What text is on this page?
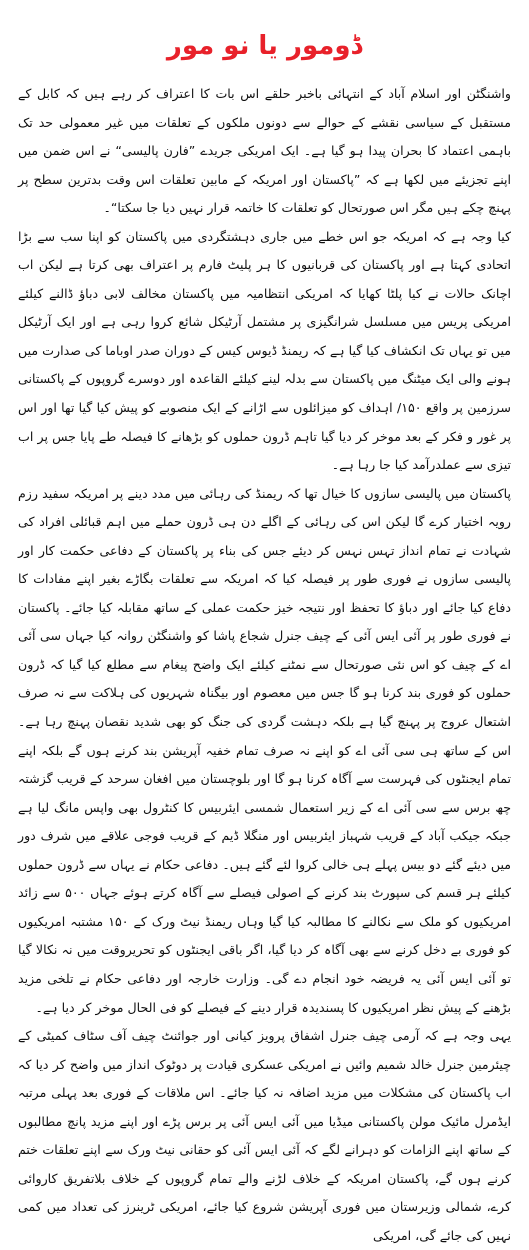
ڈومور یا نو مور

واشنگٹن اور اسلام آباد کے انتہائی باخبر حلقے اس بات کا اعتراف کر رہے ہیں کہ کابل کے مستقبل کے سیاسی نقشے کے حوالے سے دونوں ملکوں کے تعلقات میں غیر معمولی حد تک باہمی اعتماد کا بحران پیدا ہو گیا ہے۔ ایک امریکی جریدے ”فارن پالیسی“ نے اس ضمن میں اپنے تجزیئے میں لکھا ہے کہ ”پاکستان اور امریکہ کے مابین تعلقات اس وقت بدترین سطح پر پہنچ چکے ہیں مگر اس صورتحال کو تعلقات کا خاتمہ قرار نہیں دیا جا سکتا“۔

کیا وجہ ہے کہ امریکہ جو اس خطے میں جاری دہشتگردی میں پاکستان کو اپنا سب سے بڑا اتحادی کہتا ہے اور پاکستان کی قربانیوں کا ہر پلیٹ فارم پر اعتراف بھی کرتا ہے لیکن اب اچانک حالات نے کیا پلٹا کھایا کہ امریکی انتظامیہ میں پاکستان مخالف لابی دباؤ ڈالنے کیلئے امریکی پریس میں مسلسل شرانگیزی پر مشتمل آرٹیکل شائع کروا رہی ہے اور ایک آرٹیکل میں تو یہاں تک انکشاف کیا گیا ہے کہ ریمنڈ ڈیوس کیس کے دوران صدر اوباما کی صدارت میں ہونے والی ایک میٹنگ میں پاکستان سے بدلہ لینے کیلئے القاعدہ اور دوسرے گروپوں کے پاکستانی سرزمین پر واقع ۱۵۰/ اہداف کو میزائلوں سے اڑانے کے ایک منصوبے کو پیش کیا گیا تھا اور اس پر غور و فکر کے بعد موخر کر دیا گیا تاہم ڈرون حملوں کو بڑھانے کا فیصلہ طے پایا جس پر اب تیزی سے عملدرآمد کیا جا رہا ہے۔

پاکستان میں پالیسی سازوں کا خیال تھا کہ ریمنڈ کی رہائی میں مدد دینے پر امریکہ سفید رزم رویہ اختیار کرے گا لیکن اس کی رہائی کے اگلے دن ہی ڈرون حملے میں اہم قبائلی افراد کی شہادت نے تمام انداز تہس نہس کر دیئے جس کی بناء پر پاکستان کے دفاعی حکمت کار اور پالیسی سازوں نے فوری طور پر فیصلہ کیا کہ امریکہ سے تعلقات بگاڑے بغیر اپنے مفادات کا دفاع کیا جائے اور دباؤ کا تحفظ اور نتیجہ خیز حکمت عملی کے ساتھ مقابلہ کیا جائے۔ پاکستان نے فوری طور پر آئی ایس آئی کے چیف جنرل شجاع پاشا کو واشنگٹن روانہ کیا جہاں سی آئی اے کے چیف کو اس نئی صورتحال سے نمٹنے کیلئے ایک واضح پیغام سے مطلع کیا گیا کہ ڈرون حملوں کو فوری بند کرنا ہو گا جس میں معصوم اور بیگناہ شہریوں کی ہلاکت سے نہ صرف اشتعال عروج پر پہنچ گیا ہے بلکہ دہشت گردی کی جنگ کو بھی شدید نقصان پہنچ رہا ہے۔ اس کے ساتھ ہی سی آئی اے کو اپنے نہ صرف تمام خفیہ آپریشن بند کرنے ہوں گے بلکہ اپنے تمام ایجنٹوں کی فہرست سے آگاہ کرنا ہو گا اور بلوچستان میں افغان سرحد کے قریب گزشتہ چھ برس سے سی آئی اے کے زیر استعمال شمسی ایئربیس کا کنٹرول بھی واپس مانگ لیا ہے جبکہ جیکب آباد کے قریب شہباز ایئربیس اور منگلا ڈیم کے قریب فوجی علاقے میں شرف دور میں دیئے گئے دو بیس پہلے ہی خالی کروا لئے گئے ہیں۔ دفاعی حکام نے یہاں سے ڈرون حملوں کیلئے ہر قسم کی سپورٹ بند کرنے کے اصولی فیصلے سے آگاہ کرتے ہوئے جہاں ۵۰۰ سے زائد امریکیوں کو ملک سے نکالنے کا مطالبہ کیا گیا وہاں ریمنڈ نیٹ ورک کے ۱۵۰ مشتبہ امریکیوں کو فوری بے دخل کرنے سے بھی آگاہ کر دیا گیا، اگر باقی ایجنٹوں کو تحریروقت میں نہ نکالا گیا تو آئی ایس آئی یہ فریضہ خود انجام دے گی۔ وزارت خارجہ اور دفاعی حکام نے تلخی مزید بڑھنے کے پیش نظر امریکیوں کا پسندیدہ قرار دینے کے فیصلے کو فی الحال موخر کر دیا ہے۔

یہی وجہ ہے کہ آرمی چیف جنرل اشفاق پرویز کیانی اور جوائنٹ چیف آف سٹاف کمیٹی کے چیئرمین جنرل خالد شمیم وائیں نے امریکی عسکری قیادت پر دوٹوک انداز میں واضح کر دیا کہ اب پاکستان کی مشکلات میں مزید اضافہ نہ کیا جائے۔ اس ملاقات کے فوری بعد پہلی مرتبہ ایڈمرل مائیک مولن پاکستانی میڈیا میں آئی ایس آئی پر برس پڑے اور اپنے مزید پانچ مطالبوں کے ساتھ اپنے الزامات کو دہرانے لگے کہ آئی ایس آئی کو حقانی نیٹ ورک سے اپنے تعلقات ختم کرنے ہوں گے، پاکستان امریکہ کے خلاف لڑنے والے تمام گروپوں کے خلاف بلاتفریق کاروائی کرے، شمالی وزیرستان میں فوری آپریشن شروع کیا جائے، امریکی ٹرینرز کی تعداد میں کمی نہیں کی جائے گی، امریکی
